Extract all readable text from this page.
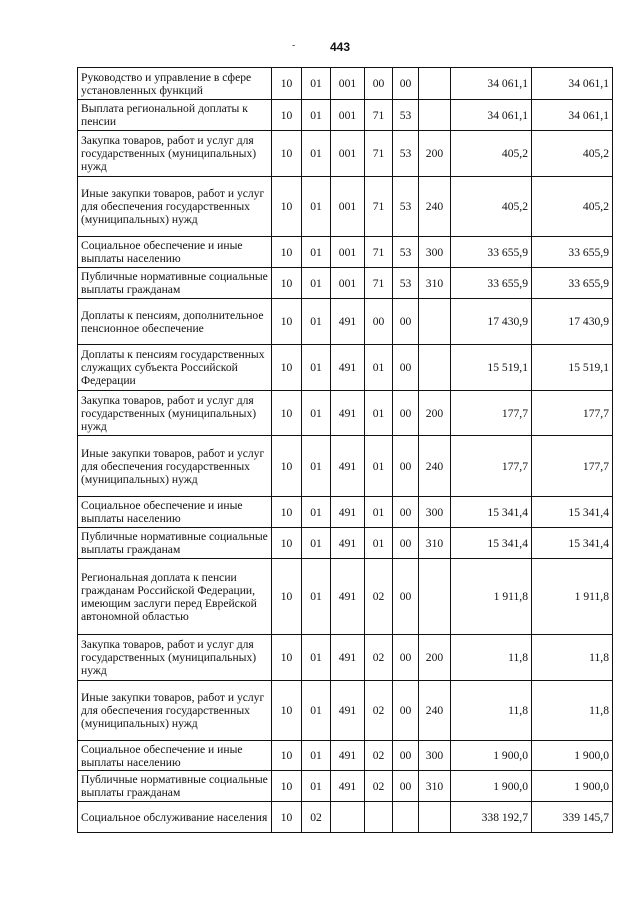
-	443
Руководство и управление в сфере установленных функций	10	01	001	00	00		34 061,1	34 061,1
Выплата региональной доплаты к пенсии	10	01	001	71	53		34 061,1	34 061,1
Закупка товаров, работ и услуг для государственных (муниципальных) нужд	10	01	001	71	53	200	405,2	405,2
Иные закупки товаров, работ и услуг для обеспечения государственных (муниципальных) нужд	10	01	001	71	53	240	405,2	405,2
Социальное обеспечение и иные выплаты населению	10	01	001	71	53	300	33 655,9	33 655,9
Публичные нормативные социальные выплаты гражданам	10	01	001	71	53	310	33 655,9	33 655,9
Доплаты к пенсиям, дополнительное пенсионное обеспечение	10	01	491	00	00		17 430,9	17 430,9
Доплаты к пенсиям государственных служащих субъекта Российской Федерации	10	01	491	01	00		15 519,1	15 519,1
Закупка товаров, работ и услуг для государственных (муниципальных) нужд	10	01	491	01	00	200	177,7	177,7
Иные закупки товаров, работ и услуг для обеспечения государственных (муниципальных) нужд	10	01	491	01	00	240	177,7	177,7
Социальное обеспечение и иные выплаты населению	10	01	491	01	00	300	15 341,4	15 341,4
Публичные нормативные социальные выплаты гражданам	10	01	491	01	00	310	15 341,4	15 341,4
Региональная доплата к пенсии гражданам Российской Федерации, имеющим заслуги перед Еврейской автономной областью	10	01	491	02	00		1 911,8	1 911,8
Закупка товаров, работ и услуг для государственных (муниципальных) нужд	10	01	491	02	00	200	11,8	11,8
Иные закупки товаров, работ и услуг для обеспечения государственных (муниципальных) нужд	10	01	491	02	00	240	11,8	11,8
Социальное обеспечение и иные выплаты населению	10	01	491	02	00	300	1 900,0	1 900,0
Публичные нормативные социальные выплаты гражданам	10	01	491	02	00	310	1 900,0	1 900,0
Социальное обслуживание населения	10	02					338 192,7	339 145,7
